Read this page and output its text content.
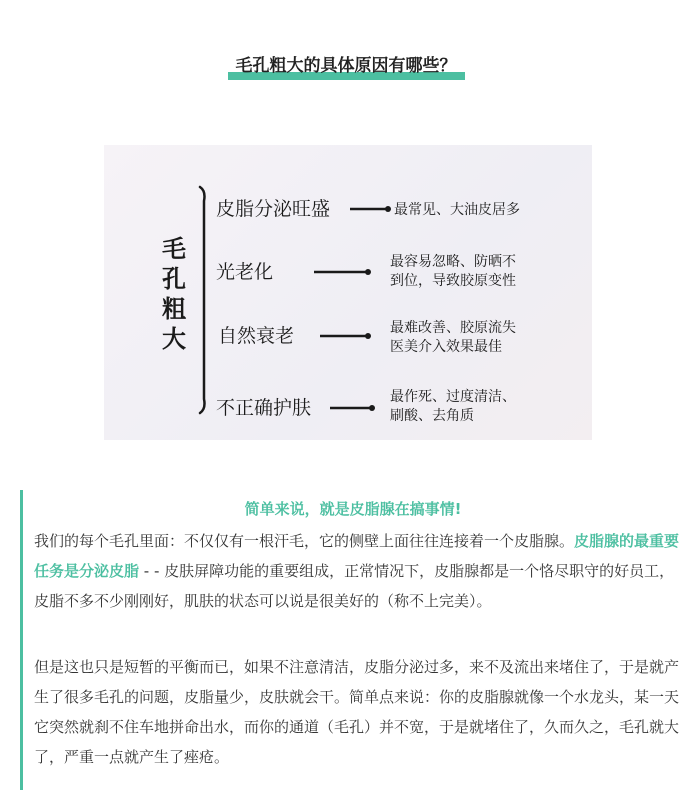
毛孔粗大的具体原因有哪些？
毛
孔
粗
大
皮脂分泌旺盛	最常见、大油皮居多
光老化	最容易忽略、防晒不
到位，导致胶原变性
自然衰老	最难改善、胶原流失
医美介入效果最佳
不正确护肤	最作死、过度清洁、
刷酸、去角质
简单来说，就是皮脂腺在搞事情!

我们的每个毛孔里面：不仅仅有一根汗毛，它的侧壁上面往往连接着一个皮脂腺。皮脂腺的最重要任务是分泌皮脂 - - 皮肤屏障功能的重要组成，正常情况下，皮脂腺都是一个恪尽职守的好员工，皮脂不多不少刚刚好，肌肤的状态可以说是很美好的（称不上完美）。

但是这也只是短暂的平衡而已，如果不注意清洁，皮脂分泌过多，来不及流出来堵住了，于是就产生了很多毛孔的问题，皮脂量少，皮肤就会干。简单点来说：你的皮脂腺就像一个水龙头，某一天它突然就刹不住车地拼命出水，而你的通道（毛孔）并不宽，于是就堵住了，久而久之，毛孔就大了，严重一点就产生了痤疮。
